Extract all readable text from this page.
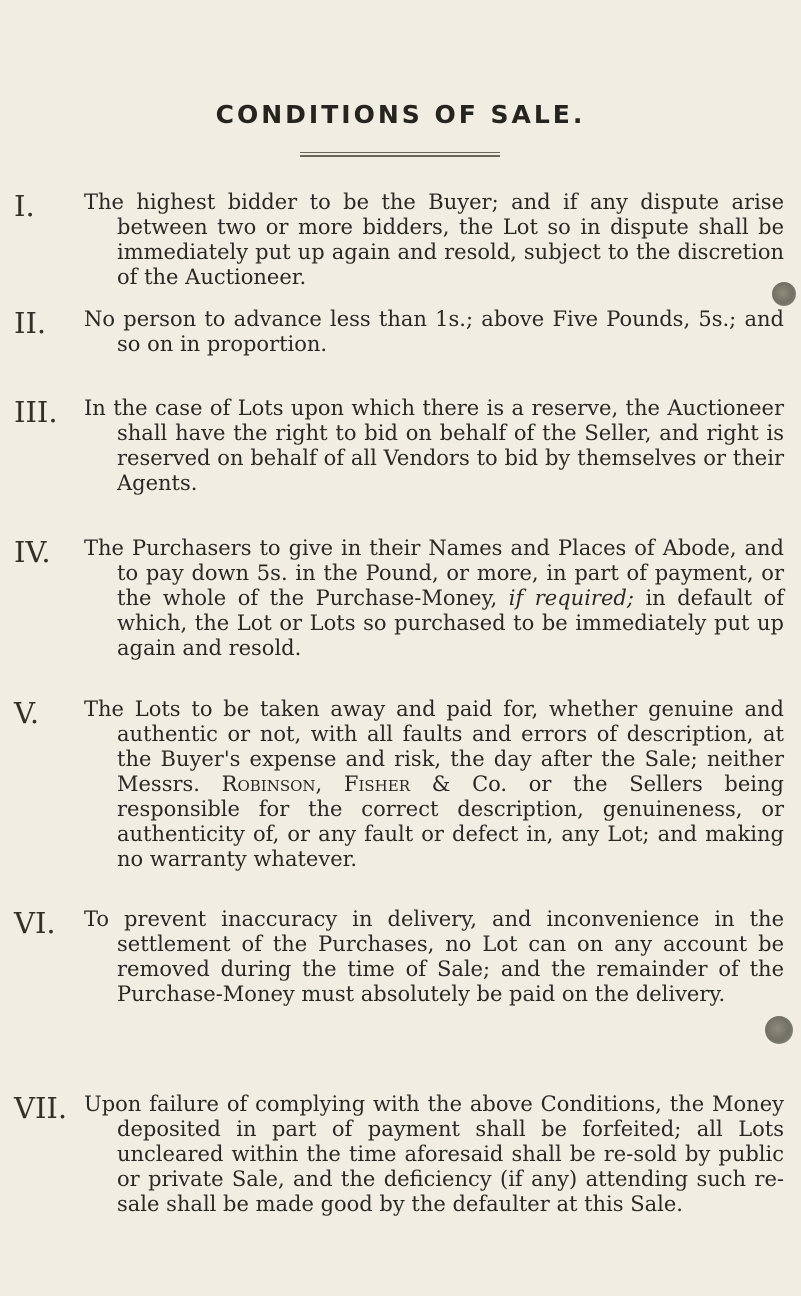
CONDITIONS OF SALE.
I. The highest bidder to be the Buyer; and if any dispute arise between two or more bidders, the Lot so in dispute shall be immediately put up again and resold, subject to the discretion of the Auctioneer.
II. No person to advance less than 1s.; above Five Pounds, 5s.; and so on in proportion.
III. In the case of Lots upon which there is a reserve, the Auctioneer shall have the right to bid on behalf of the Seller, and right is reserved on behalf of all Vendors to bid by themselves or their Agents.
IV. The Purchasers to give in their Names and Places of Abode, and to pay down 5s. in the Pound, or more, in part of payment, or the whole of the Purchase-Money, if required; in default of which, the Lot or Lots so purchased to be immediately put up again and resold.
V. The Lots to be taken away and paid for, whether genuine and authentic or not, with all faults and errors of description, at the Buyer's expense and risk, the day after the Sale; neither Messrs. Robinson, Fisher & Co. or the Sellers being responsible for the correct description, genuineness, or authenticity of, or any fault or defect in, any Lot; and making no warranty whatever.
VI. To prevent inaccuracy in delivery, and inconvenience in the settlement of the Purchases, no Lot can on any account be removed during the time of Sale; and the remainder of the Purchase-Money must absolutely be paid on the delivery.
VII. Upon failure of complying with the above Conditions, the Money deposited in part of payment shall be forfeited; all Lots uncleared within the time aforesaid shall be re-sold by public or private Sale, and the deficiency (if any) attending such re-sale shall be made good by the defaulter at this Sale.
